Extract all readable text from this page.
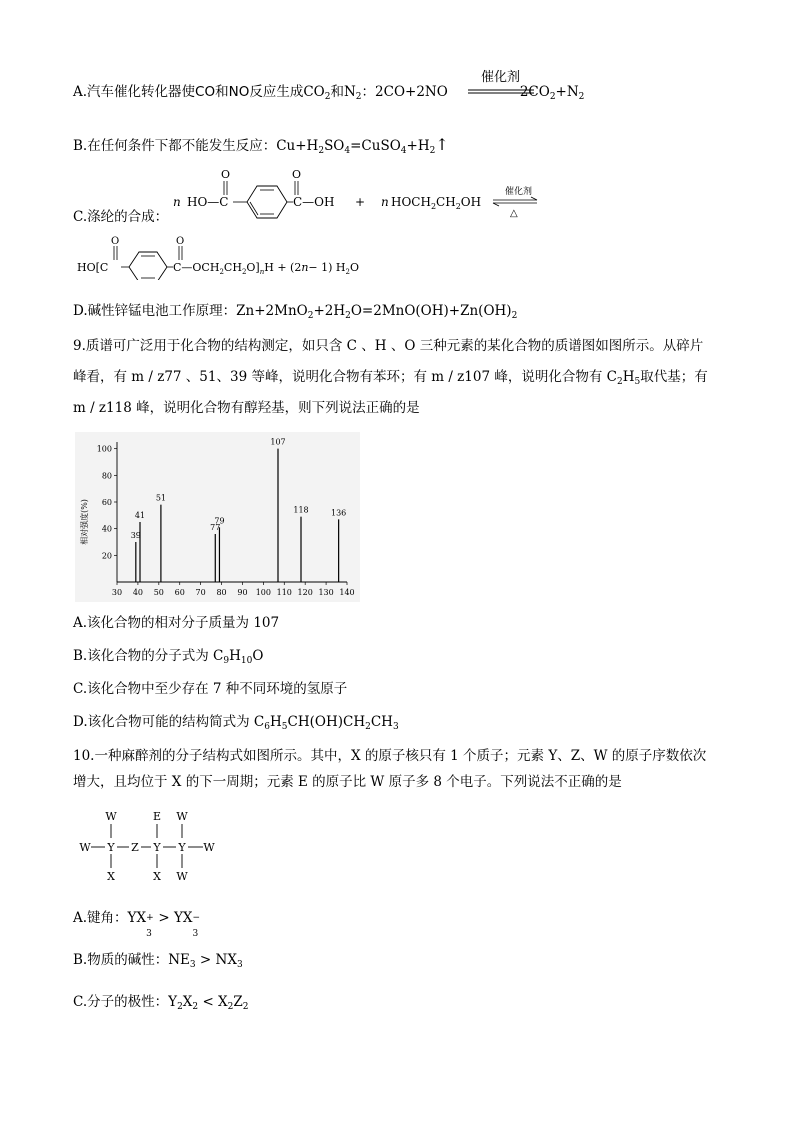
A.汽车催化转化器使CO和NO反应生成$CO_2$和$N_2$：2CO+2NO	$2CO_2+N_2$
催化剂
B.在任何条件下都不能发生反应：$Cu+H_2SO_4=CuSO_4+H_2↑$
C.涤纶的合成：
n HO—C
O
C—OH
O
+ n $HOCH_2CH_2OH$
催化剂
△
HO[C
O
$C—OCH_2CH_2O]_nH + (2n- 1)$ $H_2O$
O
D.碱性锌锰电池工作原理：$Zn+2MnO_2+2H_2O=2MnO(OH)+Zn(OH)_2$
9.质谱可广泛用于化合物的结构测定，如只含 C 、H 、O 三种元素的某化合物的质谱图如图所示。从碎片
峰看，有 m / z77 、51、39 等峰，说明化合物有苯环；有 m / z107 峰，说明化合物有 $C_2H_5$取代基；有
m / z118 峰，说明化合物有醇羟基，则下列说法正确的是
相对强度(%)
30 40 50 60 70 80 90 100 110 120 130 140
20
40
60
80
100
39
41
51
77
79
107
118	136
A.该化合物的相对分子质量为 107
B.该化合物的分子式为 $C_9H_{10}O$
C.该化合物中至少存在 7 种不同环境的氢原子
D.该化合物可能的结构简式为 $C_6H_5CH(OH)CH_2CH_3$
10.一种麻醉剂的分子结构式如图所示。其中，X 的原子核只有 1 个质子；元素 Y、Z、W 的原子序数依次
增大，且均位于 X 的下一周期；元素 E 的原子比 W 原子多 8 个电子。下列说法不正确的是
W	E W
W Y Z Y Y W
X	X W
A.键角：YX +
3
> YX −
3
B.物质的碱性：$NE_3 > NX_3$
C.分子的极性：$Y_2X_2 < X_2Z_2$
